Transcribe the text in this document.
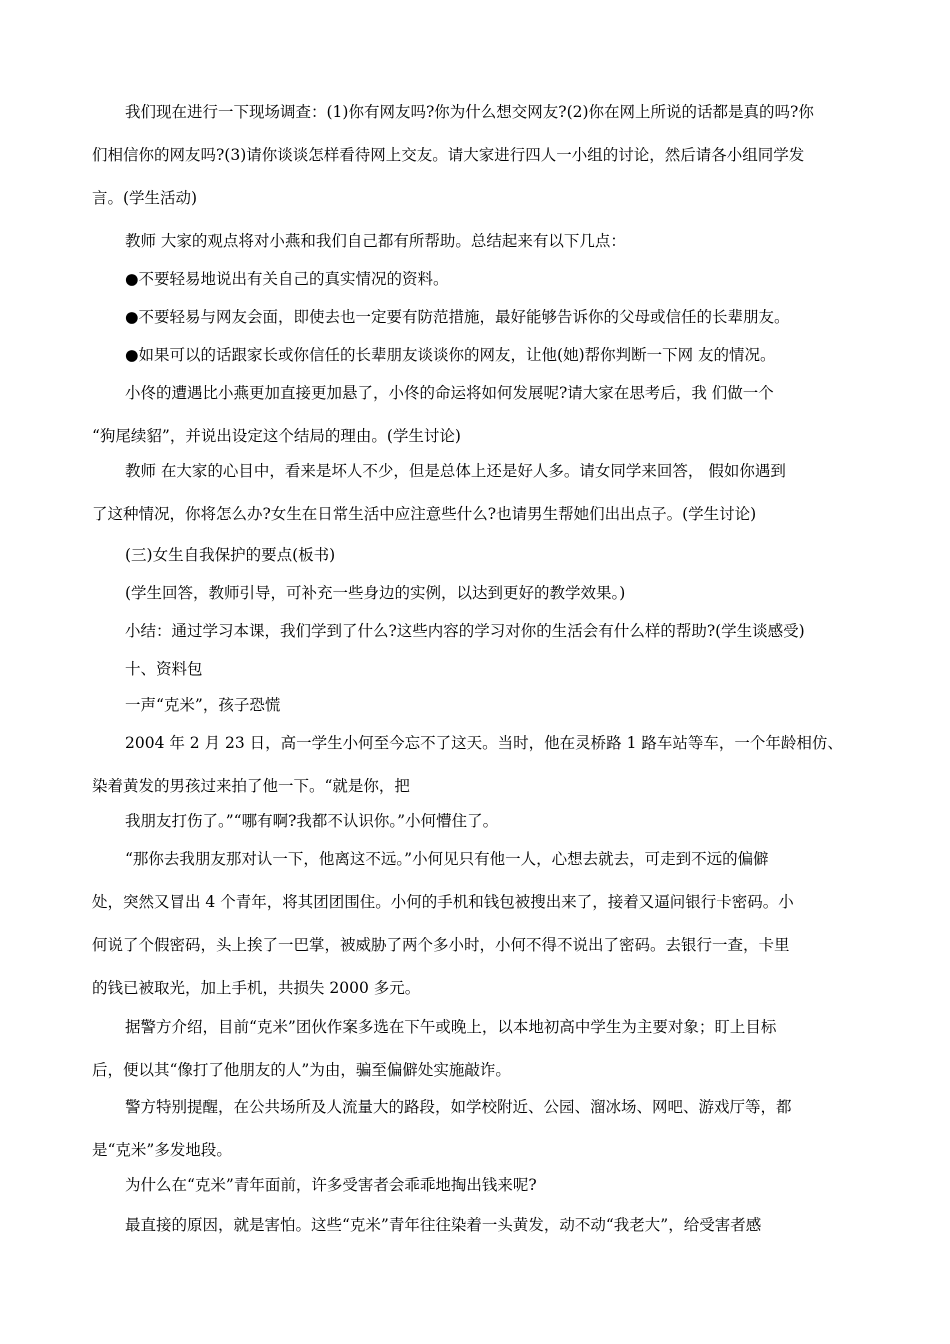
我们现在进行一下现场调查：(1)你有网友吗?你为什么想交网友?(2)你在网上所说的话都是真的吗?你
们相信你的网友吗?(3)请你谈谈怎样看待网上交友。请大家进行四人一小组的讨论，然后请各小组同学发
言。(学生活动)
教师 大家的观点将对小燕和我们自己都有所帮助。总结起来有以下几点：
●不要轻易地说出有关自己的真实情况的资料。
●不要轻易与网友会面，即使去也一定要有防范措施，最好能够告诉你的父母或信任的长辈朋友。
●如果可以的话跟家长或你信任的长辈朋友谈谈你的网友，让他(她)帮你判断一下网 友的情况。
小佟的遭遇比小燕更加直接更加悬了，小佟的命运将如何发展呢?请大家在思考后，我 们做一个
“狗尾续貂”，并说出设定这个结局的理由。(学生讨论)
教师 在大家的心目中，看来是坏人不少，但是总体上还是好人多。请女同学来回答， 假如你遇到
了这种情况，你将怎么办?女生在日常生活中应注意些什么?也请男生帮她们出出点子。(学生讨论)
(三)女生自我保护的要点(板书)
(学生回答，教师引导，可补充一些身边的实例，以达到更好的教学效果。)
小结：通过学习本课，我们学到了什么?这些内容的学习对你的生活会有什么样的帮助?(学生谈感受)
十、资料包
一声“克米”，孩子恐慌
2004 年 2 月 23 日，高一学生小何至今忘不了这天。当时，他在灵桥路 1 路车站等车，一个年龄相仿、
染着黄发的男孩过来拍了他一下。“就是你，把
我朋友打伤了。”“哪有啊?我都不认识你。”小何懵住了。
“那你去我朋友那对认一下，他离这不远。”小何见只有他一人，心想去就去，可走到不远的偏僻
处，突然又冒出 4 个青年，将其团团围住。小何的手机和钱包被搜出来了，接着又逼问银行卡密码。小
何说了个假密码，头上挨了一巴掌，被威胁了两个多小时，小何不得不说出了密码。去银行一查，卡里
的钱已被取光，加上手机，共损失 2000 多元。
据警方介绍，目前“克米”团伙作案多选在下午或晚上，以本地初高中学生为主要对象；盯上目标
后，便以其“像打了他朋友的人”为由，骗至偏僻处实施敲诈。
警方特别提醒，在公共场所及人流量大的路段，如学校附近、公园、溜冰场、网吧、游戏厅等，都
是“克米”多发地段。
为什么在“克米”青年面前，许多受害者会乖乖地掏出钱来呢?
最直接的原因，就是害怕。这些“克米”青年往往染着一头黄发，动不动“我老大”，给受害者感
